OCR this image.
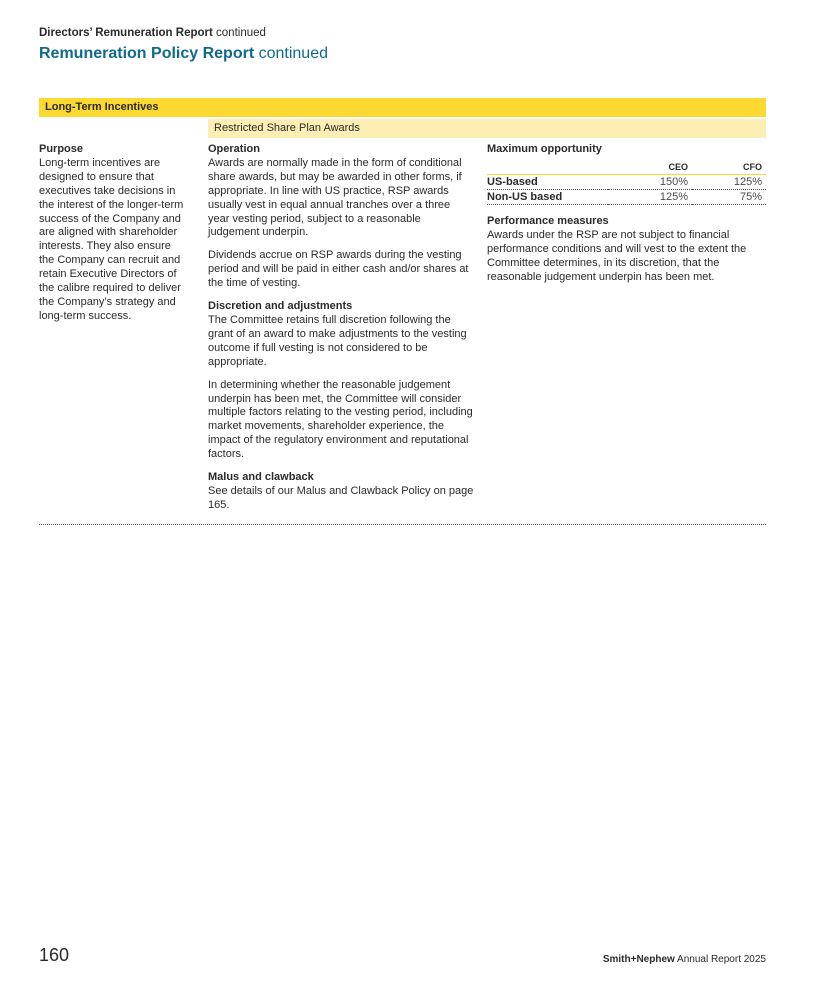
Directors’ Remuneration Report continued
Remuneration Policy Report continued
Long-Term Incentives
Restricted Share Plan Awards
Purpose

Long-term incentives are designed to ensure that executives take decisions in the interest of the longer-term success of the Company and are aligned with shareholder interests. They also ensure the Company can recruit and retain Executive Directors of the calibre required to deliver the Company’s strategy and long-term success.

Operation

Awards are normally made in the form of conditional share awards, but may be awarded in other forms, if appropriate. In line with US practice, RSP awards usually vest in equal annual tranches over a three year vesting period, subject to a reasonable judgement underpin.

Dividends accrue on RSP awards during the vesting period and will be paid in either cash and/or shares at the time of vesting.

Discretion and adjustments

The Committee retains full discretion following the grant of an award to make adjustments to the vesting outcome if full vesting is not considered to be appropriate.

In determining whether the reasonable judgement underpin has been met, the Committee will consider multiple factors relating to the vesting period, including market movements, shareholder experience, the impact of the regulatory environment and reputational factors.

Malus and clawback

See details of our Malus and Clawback Policy on page 165.

Maximum opportunity
	CEO	CFO
US-based	150%	125%
Non-US based	125%	75%
Performance measures

Awards under the RSP are not subject to financial performance conditions and will vest to the extent the Committee determines, in its discretion, that the reasonable judgement underpin has been met.

160	Smith+Nephew Annual Report 2025
